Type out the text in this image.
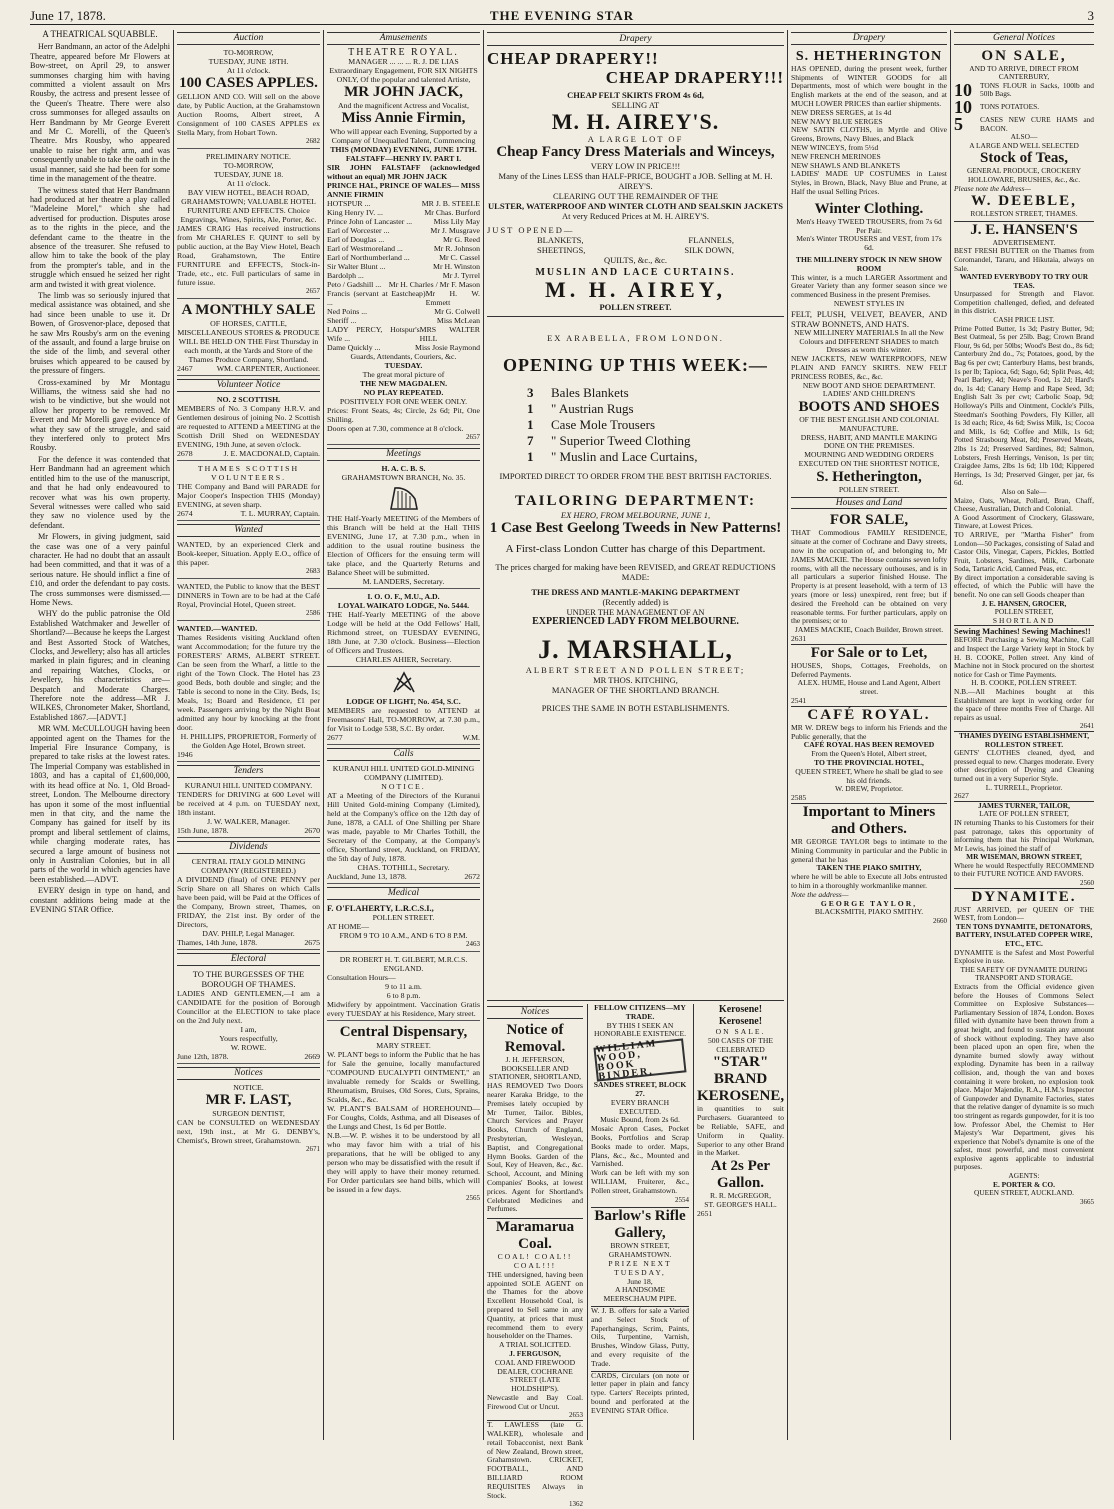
June 17, 1878.	THE EVENING STAR	3
A THEATRICAL SQUABBLE.

Herr Bandmann, an actor of the Adelphi Theatre, appeared before Mr Flowers at Bow-street, on April 29, to answer summonses charging him with having committed a violent assault on Mrs Rousby, the actress and present lessee of the Queen's Theatre. There were also cross summonses for alleged assaults on Herr Bandmann by Mr George Everett and Mr C. Morelli, of the Queen's Theatre. Mrs Rousby, who appeared unable to raise her right arm, and was consequently unable to take the oath in the usual manner, said she had been for some time in the management of the theatre.

The witness stated that Herr Bandmann had produced at her theatre a play called "Madeleine Morel," which she had advertised for production. Disputes arose as to the rights in the piece, and the defendant came to the theatre in the absence of the treasurer. She refused to allow him to take the book of the play from the prompter's table, and in the struggle which ensued he seized her right arm and twisted it with great violence.

The limb was so seriously injured that medical assistance was obtained, and she had since been unable to use it. Dr Bowen, of Grosvenor-place, deposed that he saw Mrs Rousby's arm on the evening of the assault, and found a large bruise on the side of the limb, and several other bruises which appeared to be caused by the pressure of fingers.

Cross-examined by Mr Montagu Williams, the witness said she had no wish to be vindictive, but she would not allow her property to be removed. Mr Everett and Mr Morelli gave evidence of what they saw of the struggle, and said they interfered only to protect Mrs Rousby.

For the defence it was contended that Herr Bandmann had an agreement which entitled him to the use of the manuscript, and that he had only endeavoured to recover what was his own property. Several witnesses were called who said they saw no violence used by the defendant.

Mr Flowers, in giving judgment, said the case was one of a very painful character. He had no doubt that an assault had been committed, and that it was of a serious nature. He should inflict a fine of £10, and order the defendant to pay costs. The cross summonses were dismissed.—Home News.

WHY do the public patronise the Old Established Watchmaker and Jeweller of Shortland?—Because he keeps the Largest and Best Assorted Stock of Watches, Clocks, and Jewellery; also has all articles marked in plain figures; and in cleaning and repairing Watches, Clocks, or Jewellery, his characteristics are—Despatch and Moderate Charges. Therefore note the address—MR J. WILKES, Chronometer Maker, Shortland, Established 1867.—[ADVT.]

MR WM. McCULLOUGH having been appointed agent on the Thames for the Imperial Fire Insurance Company, is prepared to take risks at the lowest rates. The Imperial Company was established in 1803, and has a capital of £1,600,000, with its head office at No. 1, Old Broad-street, London. The Melbourne directory has upon it some of the most influential men in that city, and the name the Company has gained for itself by its prompt and liberal settlement of claims, while charging moderate rates, has secured a large amount of business not only in Australian Colonies, but in all parts of the world in which agencies have been established.—ADVT.

EVERY design in type on hand, and constant additions being made at the EVENING STAR Office.

Auction
TO-MORROW,
TUESDAY, JUNE 18TH.
At 11 o'clock.
100 CASES APPLES.
GELLION AND CO. Will sell on the above date, by Public Auction, at the Grahamstown Auction Rooms, Albert street, A Consignment of 100 CASES APPLES ex Stella Mary, from Hobart Town.
2682
PRELIMINARY NOTICE.
TO-MORROW,
TUESDAY, JUNE 18.
At 11 o'clock.
BAY VIEW HOTEL, BEACH ROAD, GRAHAMSTOWN; VALUABLE HOTEL FURNITURE AND EFFECTS. Choice Engravings, Wines, Spirits, Ale, Porter, &c.
JAMES CRAIG Has received instructions from Mr CHARLES F. QUINT to sell by public auction, at the Bay View Hotel, Beach Road, Grahamstown, The Entire FURNITURE and EFFECTS, Stock-in-Trade, etc., etc. Full particulars of same in future issue.
2657
A MONTHLY SALE
OF HORSES, CATTLE, MISCELLANEOUS STORES & PRODUCE WILL BE HELD ON THE First Thursday in each month, at the Yards and Store of the Thames Produce Company, Shortland.
2467	WM. CARPENTER, Auctioneer.
Volunteer Notice
NO. 2 SCOTTISH.
MEMBERS of No. 3 Company H.R.V. and Gentlemen desirous of joining No. 2 Scottish are requested to ATTEND a MEETING at the Scottish Drill Shed on WEDNESDAY EVENING, 19th June, at seven o'clock.
2678	J. E. MACDONALD, Captain.
THAMES SCOTTISH VOLUNTEERS.
THE Company and Band will PARADE for Major Cooper's Inspection THIS (Monday) EVENING, at seven sharp.
2674	T. L. MURRAY, Captain.
Wanted
WANTED, by an experienced Clerk and Book-keeper, Situation. Apply E.O., office of this paper.
2683
WANTED, the Public to know that the BEST DINNERS in Town are to be had at the Café Royal, Provincial Hotel, Queen street.
2586
WANTED.—WANTED.
Thames Residents visiting Auckland often want Accommodation; for the future try the FORESTERS' ARMS, ALBERT STREET. Can be seen from the Wharf, a little to the right of the Town Clock. The Hotel has 23 good Beds, both double and single; and the Table is second to none in the City. Beds, 1s; Meals, 1s; Board and Residence, £1 per week. Passengers arriving by the Night Boat admitted any hour by knocking at the front door.
H. PHILLIPS, PROPRIETOR, Formerly of the Golden Age Hotel, Brown street.
1946
Tenders
KURANUI HILL UNITED COMPANY.
TENDERS for DRIVING at 600 Level will be received at 4 p.m. on TUESDAY next, 18th instant.
J. W. WALKER, Manager.
15th June, 1878.	2670
Dividends
CENTRAL ITALY GOLD MINING COMPANY (REGISTERED.)
A DIVIDEND (final) of ONE PENNY per Scrip Share on all Shares on which Calls have been paid, will be Paid at the Offices of the Company, Brown street, Thames, on FRIDAY, the 21st inst. By order of the Directors,
DAV. PHILP, Legal Manager.
Thames, 14th June, 1878.	2675
Electoral
TO THE BURGESSES OF THE BOROUGH OF THAMES.
LADIES AND GENTLEMEN,—I am a CANDIDATE for the position of Borough Councillor at the ELECTION to take place on the 2nd July next.
I am,
Yours respectfully,
W. ROWE.
June 12th, 1878.	2669
Notices
NOTICE.
MR F. LAST,
SURGEON DENTIST,
CAN be CONSULTED on WEDNESDAY next, 19th inst., at Mr G. DENBY's, Chemist's, Brown street, Grahamstown.
2671
Amusements
THEATRE ROYAL.
MANAGER ... ... ... R. J. DE LIAS
Extraordinary Engagement, FOR SIX NIGHTS ONLY, Of the popular and talented Artiste,
MR JOHN JACK,
And the magnificent Actress and Vocalist,
Miss Annie Firmin,
Who will appear each Evening, Supported by a Company of Unequalled Talent, Commencing
THIS (MONDAY) EVENING, JUNE 17TH.
FALSTAFF—HENRY IV. PART I.
SIR JOHN FALSTAFF (acknowledged without an equal) MR JOHN JACK
PRINCE HAL, PRINCE OF WALES— MISS ANNIE FIRMIN
HOTSPUR ...	MR J. B. STEELE
King Henry IV. ...	Mr Chas. Burford
Prince John of Lancaster ...	Miss Lily May
Earl of Worcester ...	Mr J. Musgrave
Earl of Douglas ...	Mr G. Reed
Earl of Westmoreland ...	Mr R. Johnson
Earl of Northumberland ...	Mr C. Cassel
Sir Walter Blunt ...	Mr H. Winston
Bardolph ...	Mr J. Tyrrel
Peto / Gadshill ... Mr H. Charles / Mr F. Mason
Francis (servant at Eastcheap) ...
Mr H. W. Emmett
Ned Poins ...	Mr G. Colwell
Sheriff ...	Miss McLean
LADY PERCY, Hotspur's Wife ...
MRS WALTER HILL
Dame Quickly ...	Miss Josie Raymond
Guards, Attendants, Couriers, &c.
TUESDAY.
The great moral picture of
THE NEW MAGDALEN.
NO PLAY REPEATED.
POSITIVELY FOR ONE WEEK ONLY.
Prices: Front Seats, 4s; Circle, 2s 6d; Pit, One Shilling.
Doors open at 7.30, commence at 8 o'clock.
2657
Meetings
H. A. C. B. S.
GRAHAMSTOWN BRANCH, No. 35.
THE Half-Yearly MEETING of the Members of this Branch will be held at the Hall THIS EVENING, June 17, at 7.30 p.m., when in addition to the usual routine business the Election of Officers for the ensuing term will take place, and the Quarterly Returns and Balance Sheet will be submitted.
M. LANDERS, Secretary.
I. O. O. F., M.U., A.D.
LOYAL WAIKATO LODGE, No. 5444.
THE Half-Yearly MEETING of the above Lodge will be held at the Odd Fellows' Hall, Richmond street, on TUESDAY EVENING, 18th June, at 7.30 o'clock. Business—Election of Officers and Trustees.
CHARLES AHIER, Secretary.
LODGE OF LIGHT, No. 454, S.C.
MEMBERS are requested to ATTEND at Freemasons' Hall, TO-MORROW, at 7.30 p.m., for Visit to Lodge 538, S.C. By order.
2677	W.M.
Calls
KURANUI HILL UNITED GOLD-MINING COMPANY (LIMITED).
NOTICE.
AT a Meeting of the Directors of the Kuranui Hill United Gold-mining Company (Limited), held at the Company's office on the 12th day of June, 1878, a CALL of One Shilling per Share was made, payable to Mr Charles Tothill, the Secretary of the Company, at the Company's office, Shortland street, Auckland, on FRIDAY, the 5th day of July, 1878.
CHAS. TOTHILL, Secretary.
Auckland, June 13, 1878.	2672
Medical
F. O'FLAHERTY, L.R.C.S.I.,
POLLEN STREET.
AT HOME—
FROM 9 TO 10 A.M., AND 6 TO 8 P.M.
2463
DR ROBERT H. T. GILBERT, M.R.C.S. ENGLAND.
Consultation Hours—
9 to 11 a.m.
6 to 8 p.m.
Midwifery by appointment. Vaccination Gratis every TUESDAY at his Residence, Mary street.
Central Dispensary,
MARY STREET.
W. PLANT begs to inform the Public that he has for Sale the genuine, locally manufactured "COMPOUND EUCALYPTI OINTMENT," an invaluable remedy for Scalds or Swelling, Rheumatism, Bruises, Old Sores, Cuts, Sprains, Scalds, &c., &c.
W. PLANT'S BALSAM of HOREHOUND—For Coughs, Colds, Asthma, and all Diseases of the Lungs and Chest, 1s 6d per Bottle.
N.B.—W. P. wishes it to be understood by all who may favor him with a trial of his preparations, that he will be obliged to any person who may be dissatisfied with the result if they will apply to have their money returned. For Order particulars see hand bills, which will be issued in a few days.
2565
Drapery
CHEAP DRAPERY!!
CHEAP DRAPERY!!!
CHEAP FELT SKIRTS FROM 4s 6d,
SELLING AT
M. H. AIREY'S.
A LARGE LOT OF
Cheap Fancy Dress Materials and Winceys,
VERY LOW IN PRICE!!!
Many of the Lines LESS than HALF-PRICE, BOUGHT a JOB. Selling at M. H. AIREY'S.
CLEARING OUT THE REMAINDER OF THE
ULSTER, WATERPROOF AND WINTER CLOTH AND SEALSKIN JACKETS
At very Reduced Prices at M. H. AIREY'S.
JUST OPENED—
BLANKETS,	FLANNELS,
SHEETINGS,	SILK DOWN,
QUILTS, &c., &c.
MUSLIN AND LACE CURTAINS.
M. H. AIREY,
POLLEN STREET.
EX ARABELLA, FROM LONDON.
OPENING UP THIS WEEK:—
3 Bales Blankets
1 " Austrian Rugs
1 Case Mole Trousers
7 " Superior Tweed Clothing
1 " Muslin and Lace Curtains,
IMPORTED DIRECT TO ORDER FROM THE BEST BRITISH FACTORIES.
TAILORING DEPARTMENT:
EX HERO, FROM MELBOURNE, JUNE 1,
1 Case Best Geelong Tweeds in New Patterns!
A First-class London Cutter has charge of this Department.
The prices charged for making have been REVISED, and GREAT REDUCTIONS MADE:
THE DRESS AND MANTLE-MAKING DEPARTMENT
(Recently added) is
UNDER THE MANAGEMENT OF AN
EXPERIENCED LADY FROM MELBOURNE.
J. MARSHALL,
ALBERT STREET AND POLLEN STREET;
MR THOS. KITCHING,
MANAGER OF THE SHORTLAND BRANCH.
PRICES THE SAME IN BOTH ESTABLISHMENTS.
Notices
Notice of Removal.
J. H. JEFFERSON,
BOOKSELLER AND STATIONER, SHORTLAND,
HAS REMOVED Two Doors nearer Karaka Bridge, to the Premises lately occupied by Mr Turner, Tailor. Bibles, Church Services and Prayer Books, Church of England, Presbyterian, Wesleyan, Baptist, and Congregational Hymn Books. Garden of the Soul, Key of Heaven, &c., &c. School, Account, and Mining Companies' Books, at lowest prices. Agent for Shortland's Celebrated Medicines and Perfumes.
Maramarua Coal.
COAL! COAL!! COAL!!!
THE undersigned, having been appointed SOLE AGENT on the Thames for the above Excellent Household Coal, is prepared to Sell same in any Quantity, at prices that must recommend them to every householder on the Thames.
A TRIAL SOLICITED.
J. FERGUSON,
COAL AND FIREWOOD DEALER, COCHRANE STREET (LATE HOLDSHIP'S).
Newcastle and Bay Coal. Firewood Cut or Uncut.
2653
T. LAWLESS (late G. WALKER), wholesale and retail Tobacconist, next Bank of New Zealand, Brown street, Grahamstown. CRICKET, FOOTBALL, AND BILLIARD ROOM REQUISITES Always in Stock.
1362
FELLOW CITIZENS—MY TRADE.
BY THIS I SEEK AN HONORABLE EXISTENCE.
WILLIAM WOOD, BOOK BINDER,
SANDES STREET, BLOCK 27.
EVERY BRANCH EXECUTED.
Music Bound, from 2s 6d.
Mosaic Apron Cases, Pocket Books, Portfolios and Scrap Books made to order. Maps, Plans, &c., &c., Mounted and Varnished.
Work can be left with my son WILLIAM, Fruiterer, &c., Pollen street, Grahamstown.
2554
Barlow's Rifle Gallery,
BROWN STREET, GRAHAMSTOWN.
PRIZE NEXT TUESDAY,
June 18,
A HANDSOME MEERSCHAUM PIPE.
W. J. B. offers for sale a Varied and Select Stock of Paperhangings, Scrim, Paints, Oils, Turpentine, Varnish, Brushes, Window Glass, Putty, and every requisite of the Trade.
CARDS, Circulars (on note or letter paper in plain and fancy type. Carters' Receipts printed, bound and perforated at the EVENING STAR Office.
Kerosene! Kerosene!
ON SALE.
500 CASES OF THE CELEBRATED
"STAR" BRAND KEROSENE,
in quantities to suit Purchasers. Guaranteed to be Reliable, SAFE, and Uniform in Quality. Superior to any other Brand in the Market.
At 2s Per Gallon.
R. R. McGREGOR,
ST. GEORGE'S HALL.
2651
Drapery
S. HETHERINGTON
HAS OPENED, during the present week, further Shipments of WINTER GOODS for all Departments, most of which were bought in the English markets at the end of the season, and at MUCH LOWER PRICES than earlier shipments.
NEW DRESS SERGES, at 1s 4d
NEW NAVY BLUE SERGES
NEW SATIN CLOTHS, in Myrtle and Olive Greens, Browns, Navy Blues, and Black
NEW WINCEYS, from 5½d
NEW FRENCH MERINOES
NEW SHAWLS AND BLANKETS
LADIES' MADE UP COSTUMES in Latest Styles, in Brown, Black, Navy Blue and Prune, at Half the usual Selling Prices.
Winter Clothing.
Men's Heavy TWEED TROUSERS, from 7s 6d Per Pair.
Men's Winter TROUSERS and VEST, from 17s 6d.
THE MILLINERY STOCK IN NEW SHOW ROOM
This winter, is a much LARGER Assortment and Greater Variety than any former season since we commenced Business in the present Premises.
NEWEST STYLES IN
FELT, PLUSH, VELVET, BEAVER, AND STRAW BONNETS, AND HATS.
NEW MILLINERY MATERIALS In all the New Colours and DIFFERENT SHADES to match Dresses as worn this winter.
NEW JACKETS, NEW WATERPROOFS, NEW PLAIN AND FANCY SKIRTS. NEW FELT PRINCESS ROBES, &c., &c.
NEW BOOT AND SHOE DEPARTMENT.
LADIES' AND CHILDREN'S
BOOTS AND SHOES
OF THE BEST ENGLISH AND COLONIAL MANUFACTURE.
DRESS, HABIT, AND MANTLE MAKING DONE ON THE PREMISES.
MOURNING AND WEDDING ORDERS EXECUTED ON THE SHORTEST NOTICE,
S. Hetherington,
POLLEN STREET.
Houses and Land
FOR SALE,
THAT Commodious FAMILY RESIDENCE, situate at the corner of Cochrane and Davy streets, now in the occupation of, and belonging to, Mr JAMES MACKIE. The House contains seven lofty rooms, with all the necessary outhouses, and is in all particulars a superior finished House. The Property is at present leasehold, with a term of 13 years (more or less) unexpired, rent free; but if desired the Freehold can be obtained on very reasonable terms. For further particulars, apply on the premises; or to
JAMES MACKIE, Coach Builder, Brown street.
2631
For Sale or to Let,
HOUSES, Shops, Cottages, Freeholds, on Deferred Payments.
ALEX. HUME, House and Land Agent, Albert street.
2541
CAFÉ ROYAL.
MR W. DREW begs to inform his Friends and the Public generally, that the
CAFÉ ROYAL HAS BEEN REMOVED
From the Queen's Hotel, Albert street,
TO THE PROVINCIAL HOTEL,
QUEEN STREET, Where he shall be glad to see his old friends.
W. DREW, Proprietor.
2585
Important to Miners and Others.
MR GEORGE TAYLOR begs to intimate to the Mining Community in particular and the Public in general that he has
TAKEN THE PIAKO SMITHY,
where he will be able to Execute all Jobs entrusted to him in a thoroughly workmanlike manner.
Note the address—
GEORGE TAYLOR,
BLACKSMITH, PIAKO SMITHY.
2660
General Notices
ON SALE,
AND TO ARRIVE, DIRECT FROM CANTERBURY,
10	TONS FLOUR in Sacks, 100lb and 50lb Bags.
10	TONS POTATOES.
5	CASES NEW CURE HAMS and BACON.
ALSO—
A LARGE AND WELL SELECTED
Stock of Teas,
GENERAL PRODUCE, CROCKERY HOLLOWARE, BRUSHES, &c., &c.
Please note the Address—
W. DEEBLE,
ROLLESTON STREET, THAMES.
J. E. HANSEN'S
ADVERTISEMENT.
BEST FRESH BUTTER on the Thames from Coromandel, Tararu, and Hikutaia, always on Sale.
WANTED EVERYBODY TO TRY OUR TEAS.
Unsurpassed for Strength and Flavor. Competition challenged, defied, and defeated in this district.
CASH PRICE LIST.
Prime Potted Butter, 1s 3d; Pastry Butter, 9d; Best Oatmeal, 5s per 25lb. Bag; Crown Brand Flour, 9s 6d, per 50lbs; Wood's Best do., 8s 6d; Canterbury 2nd do., 7s; Potatoes, good, by the Bag 6s per cwt; Canterbury Hams, best brands, 1s per lb; Tapioca, 6d; Sago, 6d; Split Peas, 4d; Pearl Barley, 4d; Neave's Food, 1s 2d; Hard's do, 1s 4d; Canary Hemp and Rape Seed, 3d; English Salt 3s per cwt; Carbolic Soap, 9d; Holloway's Pills and Ointment, Cockle's Pills, Steedman's Soothing Powders, Fly Killer, all 1s 3d each; Rice, 4s 6d; Swiss Milk, 1s; Cocoa and Milk, 1s 6d; Coffee and Milk, 1s 6d; Potted Strasbourg Meat, 8d; Preserved Meats, 2lbs 1s 2d; Preserved Sardines, 8d; Salmon, Lobsters, Fresh Herrings, Venison, 1s per tin; Craigdee Jams, 2lbs 1s 6d; 1lb 10d; Kippered Herrings, 1s 3d; Preserved Ginger, per jar, 6s 6d.
Also on Sale—
Maize, Oats, Wheat, Pollard, Bran, Chaff, Cheese, Australian, Dutch and Colonial.
A Good Assortment of Crockery, Glassware, Tinware, at Lowest Prices.
TO ARRIVE, per "Martha Fisher" from London—50 Packages, consisting of Salad and Castor Oils, Vinegar, Capers, Pickles, Bottled Fruit, Lobsters, Sardines, Milk, Carbonate Soda, Tartaric Acid, Canned Peas, etc.
By direct importation a considerable saving is effected, of which the Public will have the benefit. No one can sell Goods cheaper than
J. E. HANSEN, GROCER,
POLLEN STREET,
SHORTLAND
Sewing Machines! Sewing Machines!!
BEFORE Purchasing a Sewing Machine, Call and Inspect the Large Variety kept in Stock by H. B. COOKE, Pollen street. Any kind of Machine not in Stock procured on the shortest notice for Cash or Time Payments.
H. B. COOKE, POLLEN STREET.
N.B.—All Machines bought at this Establishment are kept in working order for the space of three months Free of Charge. All repairs as usual.
2641
THAMES DYEING ESTABLISHMENT, ROLLESTON STREET.
GENTS' CLOTHES cleaned, dyed, and pressed equal to new. Charges moderate. Every other description of Dyeing and Cleaning turned out in a very Superior Style.
L. TURRELL, Proprietor.
2627
JAMES TURNER, TAILOR,
LATE OF POLLEN STREET,
IN returning Thanks to his Customers for their past patronage, takes this opportunity of informing them that his Principal Workman, Mr Lewis, has joined the staff of
MR WISEMAN, BROWN STREET,
Where he would Respectfully RECOMMEND to their FUTURE NOTICE AND FAVORS.
2560
DYNAMITE.
JUST ARRIVED, per QUEEN OF THE WEST, from London—
TEN TONS DYNAMITE, DETONATORS, BATTERY, INSULATED COPPER WIRE, ETC., ETC.
DYNAMITE is the Safest and Most Powerful Explosive in use.
THE SAFETY OF DYNAMITE DURING TRANSPORT AND STORAGE.
Extracts from the Official evidence given before the Houses of Commons Select Committee on Explosive Substances—Parliamentary Session of 1874, London. Boxes filled with dynamite have been thrown from a great height, and found to sustain any amount of shock without exploding. They have also been placed upon an open fire, when the dynamite burned slowly away without exploding. Dynamite has been in a railway collision, and, though the van and boxes containing it were broken, no explosion took place. Major Majendie, R.A., H.M.'s Inspector of Gunpowder and Dynamite Factories, states that the relative danger of dynamite is so much too stringent as regards gunpowder, for it is too low. Professor Abel, the Chemist to Her Majesty's War Department, gives his experience that Nobel's dynamite is one of the safest, most powerful, and most convenient explosive agents applicable to industrial purposes.
AGENTS:
E. PORTER & CO.
QUEEN STREET, AUCKLAND.
3665
